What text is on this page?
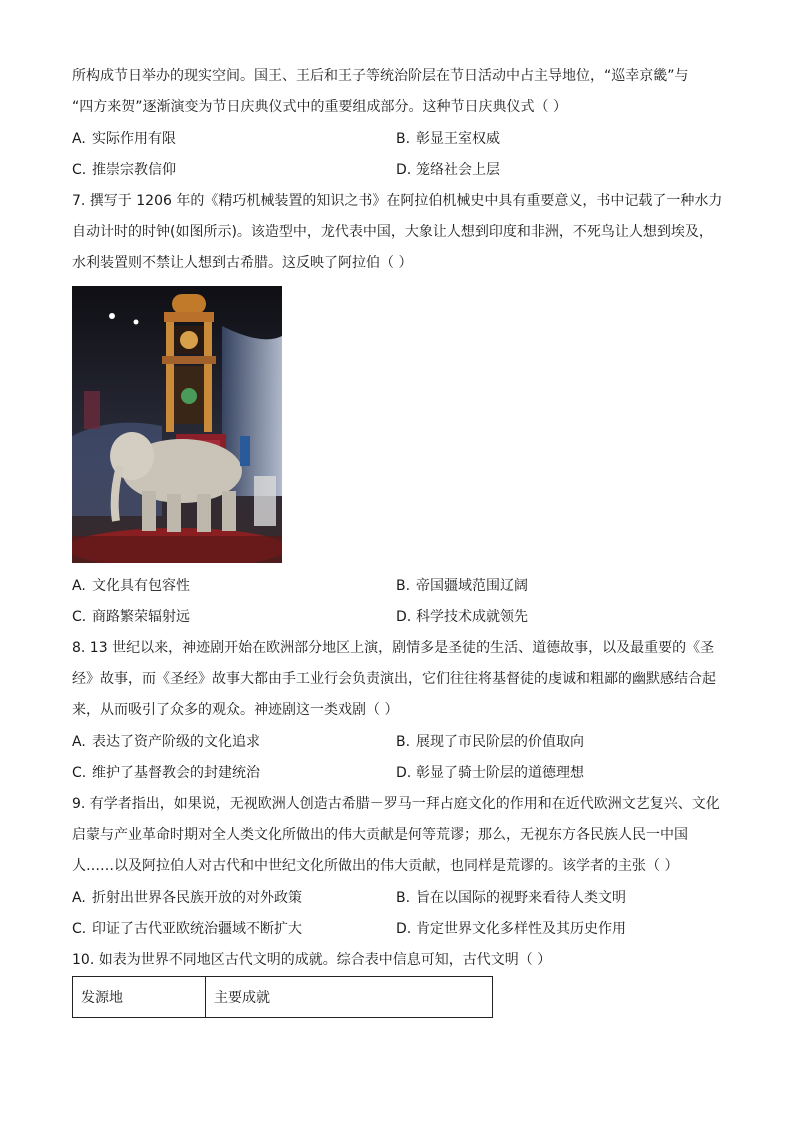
所构成节日举办的现实空间。国王、王后和王子等统治阶层在节日活动中占主导地位，“巡幸京畿”与
“四方来贺”逐渐演变为节日庆典仪式中的重要组成部分。这种节日庆典仪式（ ）
A. 实际作用有限	B. 彰显王室权威
C. 推崇宗教信仰	D. 笼络社会上层
7. 撰写于 1206 年的《精巧机械装置的知识之书》在阿拉伯机械史中具有重要意义，书中记载了一种水力
自动计时的时钟(如图所示)。该造型中，龙代表中国，大象让人想到印度和非洲，不死鸟让人想到埃及，
水利装置则不禁让人想到古希腊。这反映了阿拉伯（ ）
A. 文化具有包容性	B. 帝国疆域范围辽阔
C. 商路繁荣辐射远	D. 科学技术成就领先
8. 13 世纪以来，神迹剧开始在欧洲部分地区上演，剧情多是圣徒的生活、道德故事，以及最重要的《圣
经》故事，而《圣经》故事大都由手工业行会负责演出，它们往往将基督徒的虔诚和粗鄙的幽默感结合起
来，从而吸引了众多的观众。神迹剧这一类戏剧（ ）
A. 表达了资产阶级的文化追求	B. 展现了市民阶层的价值取向
C. 维护了基督教会的封建统治	D. 彰显了骑士阶层的道德理想
9. 有学者指出，如果说，无视欧洲人创造古希腊－罗马一拜占庭文化的作用和在近代欧洲文艺复兴、文化
启蒙与产业革命时期对全人类文化所做出的伟大贡献是何等荒谬；那么，无视东方各民族人民一中国
人……以及阿拉伯人对古代和中世纪文化所做出的伟大贡献，也同样是荒谬的。该学者的主张（ ）
A. 折射出世界各民族开放的对外政策	B. 旨在以国际的视野来看待人类文明
C. 印证了古代亚欧统治疆域不断扩大	D. 肯定世界文化多样性及其历史作用
10. 如表为世界不同地区古代文明的成就。综合表中信息可知，古代文明（ ）
发源地	主要成就
